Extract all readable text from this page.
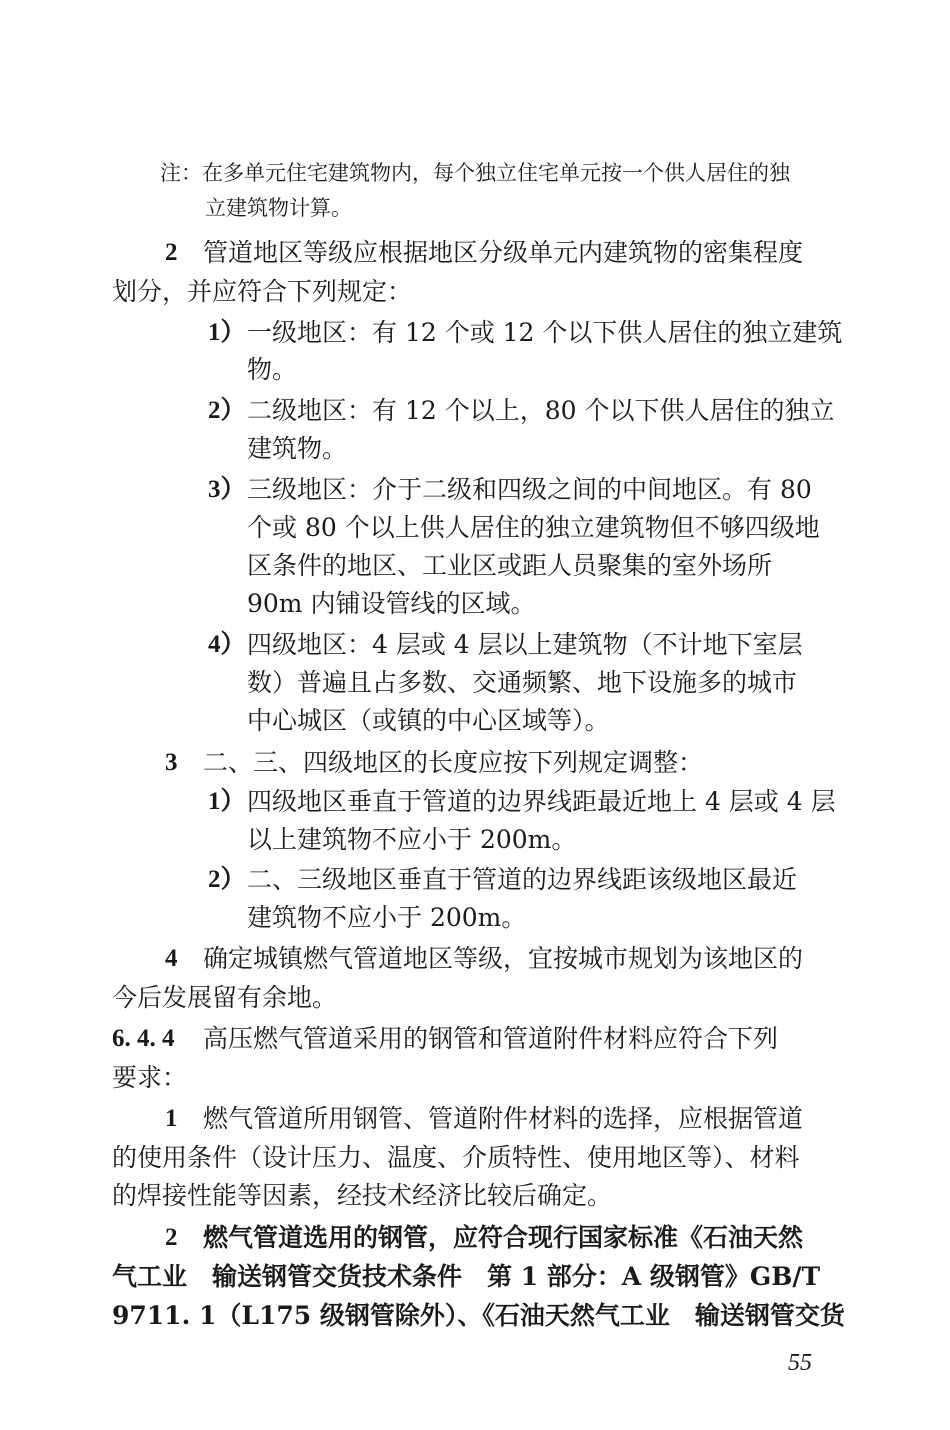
注：在多单元住宅建筑物内，每个独立住宅单元按一个供人居住的独
立建筑物计算。
2 管道地区等级应根据地区分级单元内建筑物的密集程度
划分，并应符合下列规定：
1） 一级地区：有 12 个或 12 个以下供人居住的独立建筑
物。
2） 二级地区：有 12 个以上，80 个以下供人居住的独立
建筑物。
3） 三级地区：介于二级和四级之间的中间地区。有 80
个或 80 个以上供人居住的独立建筑物但不够四级地
区条件的地区、工业区或距人员聚集的室外场所
90m 内铺设管线的区域。
4） 四级地区：4 层或 4 层以上建筑物（不计地下室层
数）普遍且占多数、交通频繁、地下设施多的城市
中心城区（或镇的中心区域等）。
3 二、三、四级地区的长度应按下列规定调整：
1） 四级地区垂直于管道的边界线距最近地上 4 层或 4 层
以上建筑物不应小于 200m。
2） 二、三级地区垂直于管道的边界线距该级地区最近
建筑物不应小于 200m。
4 确定城镇燃气管道地区等级，宜按城市规划为该地区的
今后发展留有余地。
6. 4. 4 高压燃气管道采用的钢管和管道附件材料应符合下列
要求：
1 燃气管道所用钢管、管道附件材料的选择，应根据管道
的使用条件（设计压力、温度、介质特性、使用地区等）、材料
的焊接性能等因素，经技术经济比较后确定。
2 燃气管道选用的钢管，应符合现行国家标准《石油天然
气工业　输送钢管交货技术条件　第 1 部分：A 级钢管》GB/T
9711. 1（L175 级钢管除外）、《石油天然气工业　输送钢管交货
55
